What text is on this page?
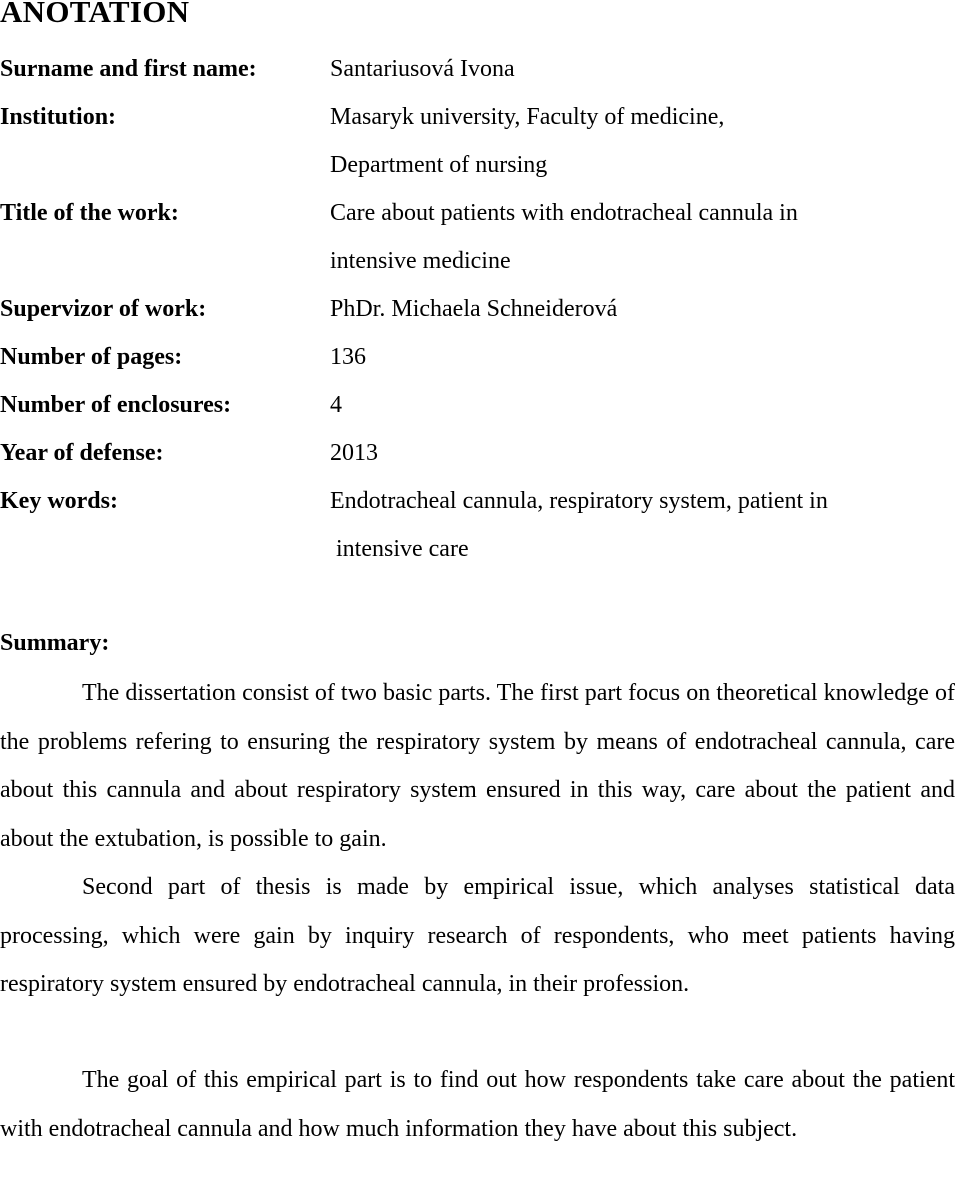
ANOTATION
Surname and first name:	Santariusová Ivona
Institution:	Masaryk university, Faculty of medicine,
Department of nursing
Title of the work:	Care about patients with endotracheal cannula in
intensive medicine
Supervizor of work:	PhDr. Michaela Schneiderová
Number of pages:	136
Number of enclosures:	4
Year of defense:	2013
Key words:	Endotracheal cannula, respiratory system, patient in
intensive care
Summary:

The dissertation consist of two basic parts. The first part focus on theoretical knowledge of the problems refering to ensuring the respiratory system by means of endotracheal cannula, care about this cannula and about respiratory system ensured in this way, care about the patient and about the extubation, is possible to gain.

Second part of thesis is made by empirical issue, which analyses statistical data processing, which were gain by inquiry research of respondents, who meet patients having respiratory system ensured by endotracheal cannula, in their profession.

The goal of this empirical part is to find out how respondents take care about the patient with endotracheal cannula and how much information they have about this subject.
